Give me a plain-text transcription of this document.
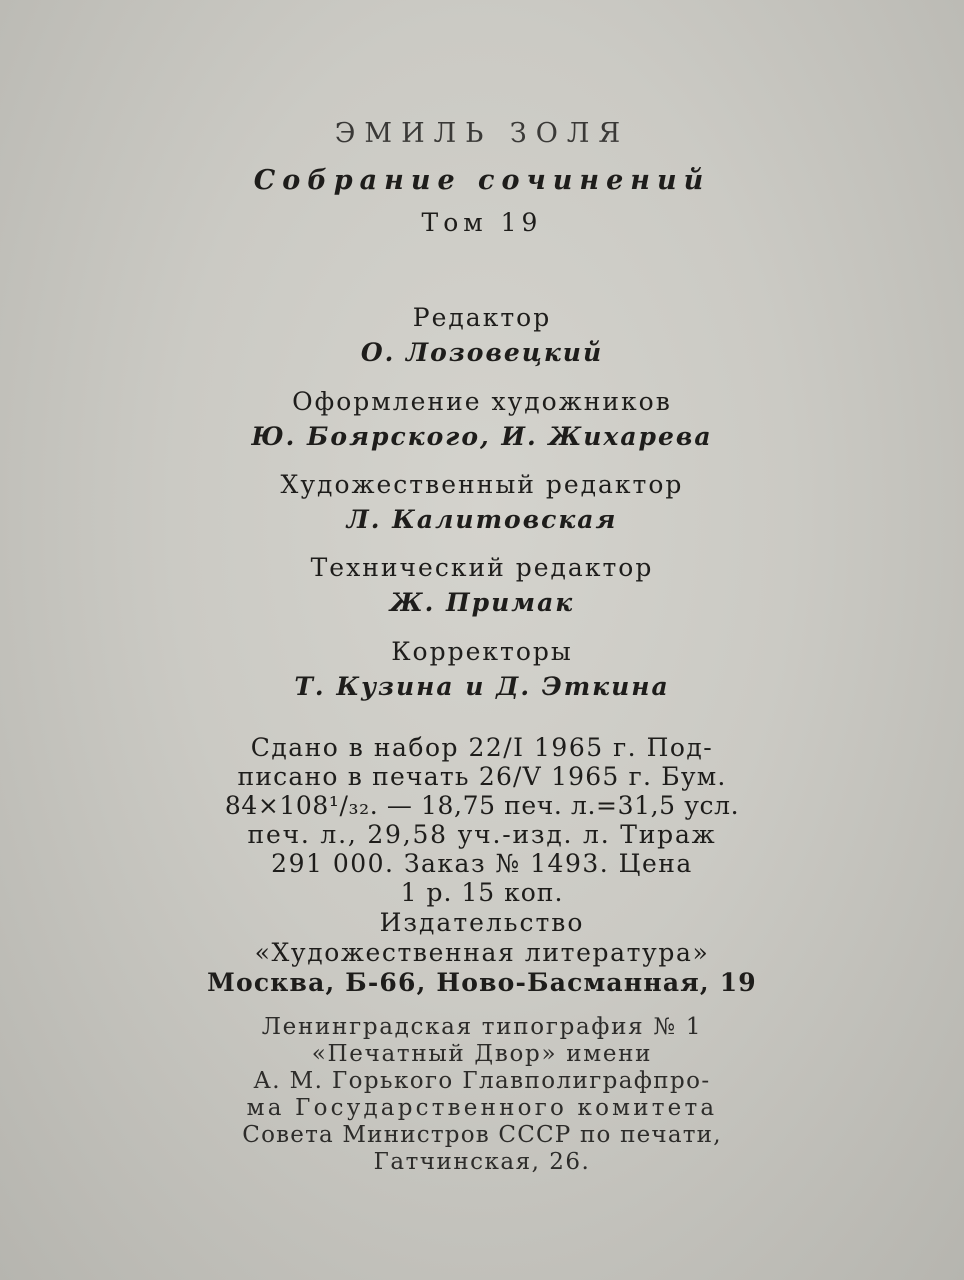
ЭМИЛЬ ЗОЛЯ
Собрание сочинений
Том 19
Редактор
О. Лозовецкий
Оформление художников
Ю. Боярского, И. Жихарева
Художественный редактор
Л. Калитовская
Технический редактор
Ж. Примак
Корректоры
Т. Кузина и Д. Эткина
Сдано в набор 22/I 1965 г. Под-
писано в печать 26/V 1965 г. Бум.
84×108¹/₃₂. — 18,75 печ. л.=31,5 усл.
печ. л., 29,58 уч.-изд. л. Тираж
291 000. Заказ № 1493. Цена
1 р. 15 коп.
Издательство
«Художественная литература»
Москва, Б-66, Ново-Басманная, 19
Ленинградская типография № 1
«Печатный Двор» имени
А. М. Горького Главполиграфпро-
ма Государственного комитета
Совета Министров СССР по печати,
Гатчинская, 26.
